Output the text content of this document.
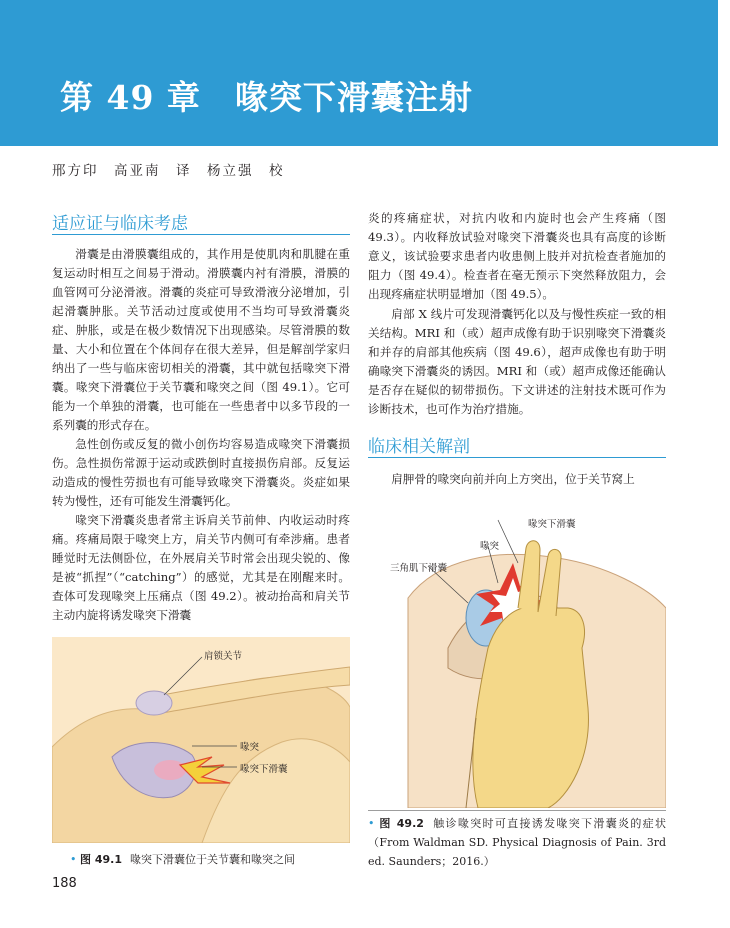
第 49 章　喙突下滑囊注射
邢方印　高亚南　译　杨立强　校
适应证与临床考虑

滑囊是由滑膜囊组成的，其作用是使肌肉和肌腱在重复运动时相互之间易于滑动。滑膜囊内衬有滑膜，滑膜的血管网可分泌滑液。滑囊的炎症可导致滑液分泌增加，引起滑囊肿胀。关节活动过度或使用不当均可导致滑囊炎症、肿胀，或是在极少数情况下出现感染。尽管滑膜的数量、大小和位置在个体间存在很大差异，但是解剖学家归纳出了一些与临床密切相关的滑囊，其中就包括喙突下滑囊。喙突下滑囊位于关节囊和喙突之间（图 49.1）。它可能为一个单独的滑囊，也可能在一些患者中以多节段的一系列囊的形式存在。

急性创伤或反复的微小创伤均容易造成喙突下滑囊损伤。急性损伤常源于运动或跌倒时直接损伤肩部。反复运动造成的慢性劳损也有可能导致喙突下滑囊炎。炎症如果转为慢性，还有可能发生滑囊钙化。

喙突下滑囊炎患者常主诉肩关节前伸、内收运动时疼痛。疼痛局限于喙突上方，肩关节内侧可有牵涉痛。患者睡觉时无法侧卧位，在外展肩关节时常会出现尖锐的、像是被“抓捏”（“catching”）的感觉，尤其是在刚醒来时。查体可发现喙突上压痛点（图 49.2）。被动抬高和肩关节主动内旋将诱发喙突下滑囊

肩锁关节
喙突
喙突下滑囊

• 图 49.1 喙突下滑囊位于关节囊和喙突之间

炎的疼痛症状，对抗内收和内旋时也会产生疼痛（图 49.3）。内收释放试验对喙突下滑囊炎也具有高度的诊断意义，该试验要求患者内收患侧上肢并对抗检查者施加的阻力（图 49.4）。检查者在毫无预示下突然释放阻力，会出现疼痛症状明显增加（图 49.5）。

肩部 X 线片可发现滑囊钙化以及与慢性疾症一致的相关结构。MRI 和（或）超声成像有助于识别喙突下滑囊炎和并存的肩部其他疾病（图 49.6），超声成像也有助于明确喙突下滑囊炎的诱因。MRI 和（或）超声成像还能确认是否存在疑似的韧带损伤。下文讲述的注射技术既可作为诊断技术，也可作为治疗措施。

临床相关解剖

肩胛骨的喙突向前并向上方突出，位于关节窝上

喙突下滑囊
喙突
三角肌下滑囊

• 图 49.2 触诊喙突时可直接诱发喙突下滑囊炎的症状（From Waldman SD. Physical Diagnosis of Pain. 3rd ed. Saunders；2016.）

188
